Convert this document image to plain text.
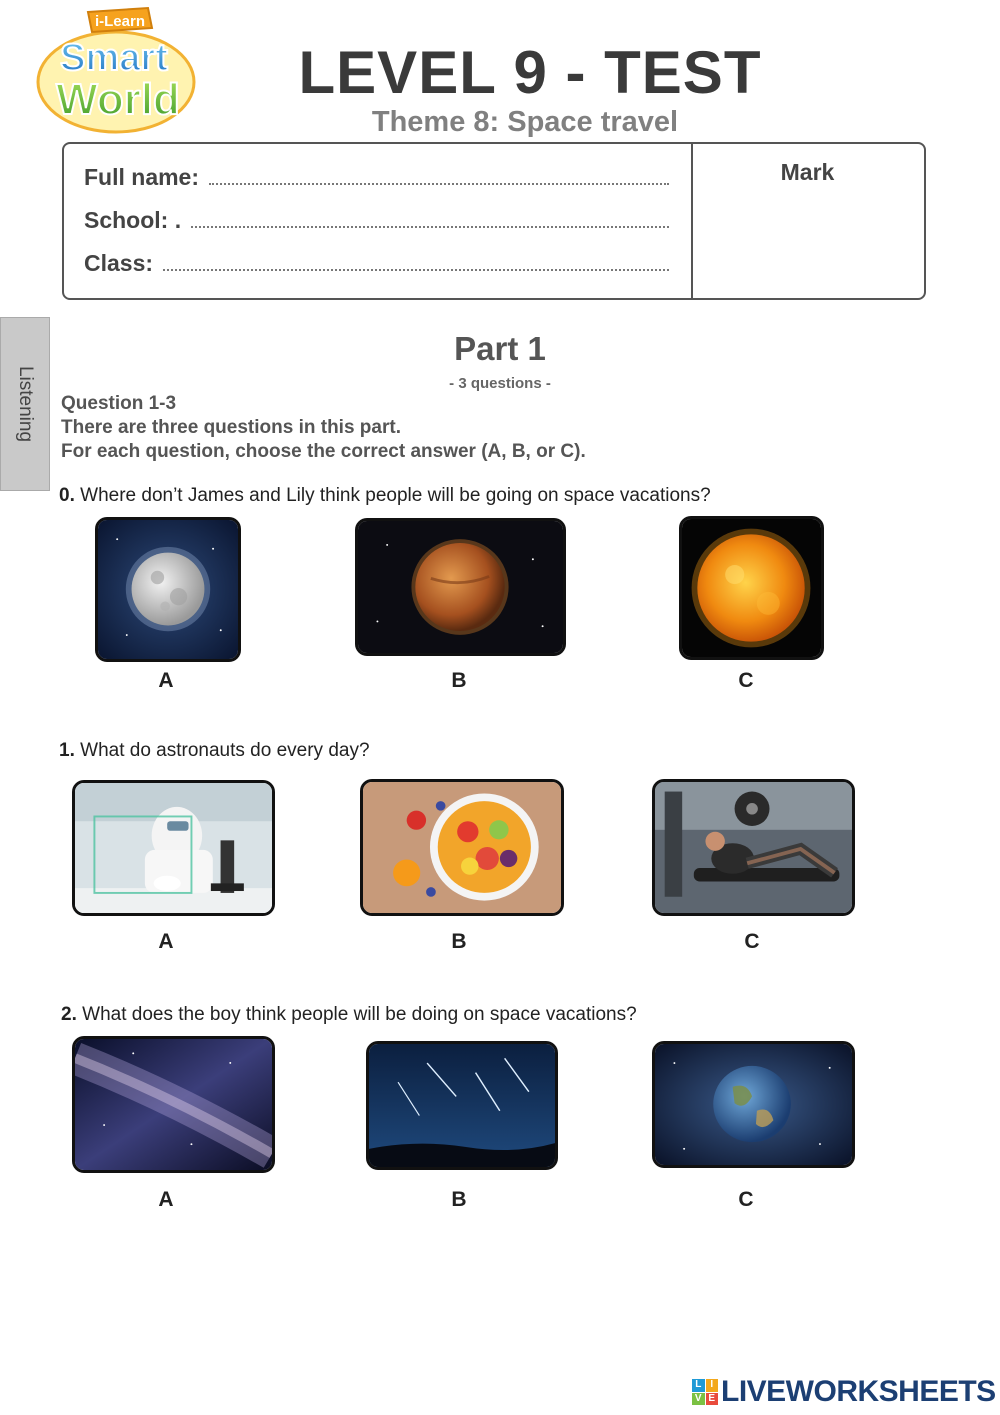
i-Learn
Smart
World	LEVEL 9 - TEST
Theme 8: Space travel
Full name:
School: .
Class:
Mark
Listening
Part 1
- 3 questions -
Question 1-3
There are three questions in this part.
For each question, choose the correct answer (A, B, or C).
0. Where don’t James and Lily think people will be going on space vacations?
A	B	C
1. What do astronauts do every day?
A	B	C
2. What does the boy think people will be doing on space vacations?
A	B	C
L I
V E LIVEWORKSHEETS
